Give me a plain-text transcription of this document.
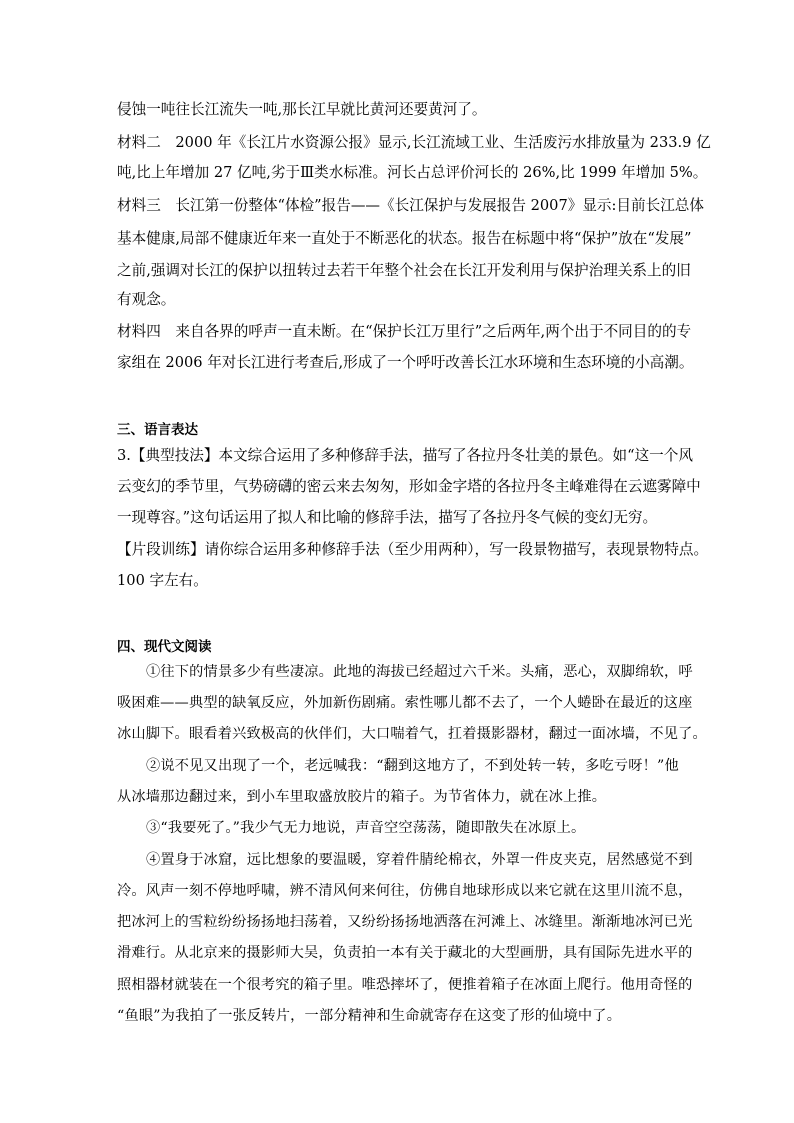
侵蚀一吨往长江流失一吨,那长江早就比黄河还要黄河了。
材料二　2000 年《长江片水资源公报》显示,长江流域工业、生活废污水排放量为 233.9 亿
吨,比上年增加 27 亿吨,劣于Ⅲ类水标准。河长占总评价河长的 26%,比 1999 年增加 5%。
材料三　长江第一份整体“体检”报告——《长江保护与发展报告 2007》显示:目前长江总体
基本健康,局部不健康近年来一直处于不断恶化的状态。报告在标题中将“保护”放在“发展”
之前,强调对长江的保护以扭转过去若干年整个社会在长江开发利用与保护治理关系上的旧
有观念。
材料四　来自各界的呼声一直未断。在“保护长江万里行”之后两年,两个出于不同目的的专
家组在 2006 年对长江进行考查后,形成了一个呼吁改善长江水环境和生态环境的小高潮。
三、语言表达
3.【典型技法】本文综合运用了多种修辞手法，描写了各拉丹冬壮美的景色。如“这一个风
云变幻的季节里，气势磅礴的密云来去匆匆，形如金字塔的各拉丹冬主峰难得在云遮雾障中
一现尊容。”这句话运用了拟人和比喻的修辞手法，描写了各拉丹冬气候的变幻无穷。
【片段训练】请你综合运用多种修辞手法（至少用两种），写一段景物描写，表现景物特点。
100 字左右。
四、现代文阅读
①往下的情景多少有些凄凉。此地的海拔已经超过六千米。头痛，恶心，双脚绵软，呼
吸困难——典型的缺氧反应，外加新伤剧痛。索性哪儿都不去了，一个人蜷卧在最近的这座
冰山脚下。眼看着兴致极高的伙伴们，大口喘着气，扛着摄影器材，翻过一面冰墙，不见了。
②说不见又出现了一个，老远喊我：“翻到这地方了，不到处转一转，多吃亏呀！”他
从冰墙那边翻过来，到小车里取盛放胶片的箱子。为节省体力，就在冰上推。
③“我要死了。”我少气无力地说，声音空空荡荡，随即散失在冰原上。
④置身于冰窟，远比想象的要温暖，穿着件腈纶棉衣，外罩一件皮夹克，居然感觉不到
冷。风声一刻不停地呼啸，辨不清风何来何往，仿佛自地球形成以来它就在这里川流不息，
把冰河上的雪粒纷纷扬扬地扫荡着，又纷纷扬扬地洒落在河滩上、冰缝里。渐渐地冰河已光
滑难行。从北京来的摄影师大吴，负责拍一本有关于藏北的大型画册，具有国际先进水平的
照相器材就装在一个很考究的箱子里。唯恐摔坏了，便推着箱子在冰面上爬行。他用奇怪的
“鱼眼”为我拍了一张反转片，一部分精神和生命就寄存在这变了形的仙境中了。
